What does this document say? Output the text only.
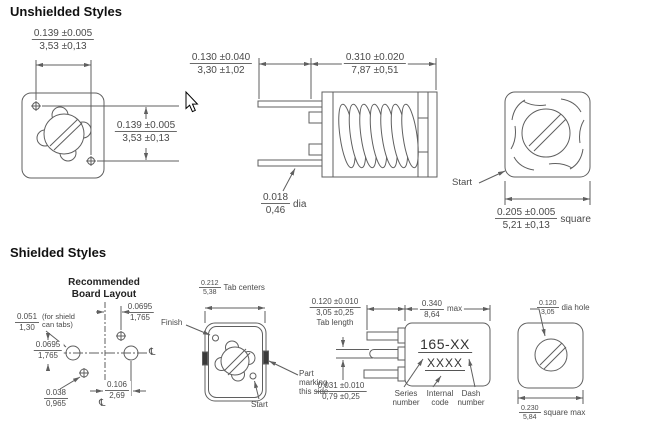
Unshielded Styles
Shielded Styles
$\frac{0.139 \pm 0.005}{3,53 \pm 0,13}$
$\frac{0.139 \pm 0.005}{3,53 \pm 0,13}$
$\frac{0.130 \pm 0.040}{3,30 \pm 1,02}$	$\frac{0.310 \pm 0.020}{7,87 \pm 0,51}$
$\frac{0.018}{0,46}$ dia
Start
$\frac{0.205 \pm 0.005}{5,21 \pm 0,13}$ square
Recommended Board Layout
$\frac{0.051}{1,30} (for$ shield can tabs)
$\frac{0.0695}{1,765}$
$\frac{0.0695}{1,765}$
$\frac{0.038}{0,965}$	$\frac{0.106}{2,69}$
℄
℄
$\frac{0.212}{5,38}$ Tab centers
Finish
Start
Part marking this side
$\frac{0.120 \pm 0.010}{3,05 \pm 0,25}$
Tab length
$\frac{0.340}{8,64}$ max
$\frac{0.031 \pm 0.010}{0,79 \pm 0,25}$
165-XX
XXXX
Series number
Internal code
Dash number
$\frac{0.120}{3,05}$ dia hole
$\frac{0.230}{5,84}$ square max
